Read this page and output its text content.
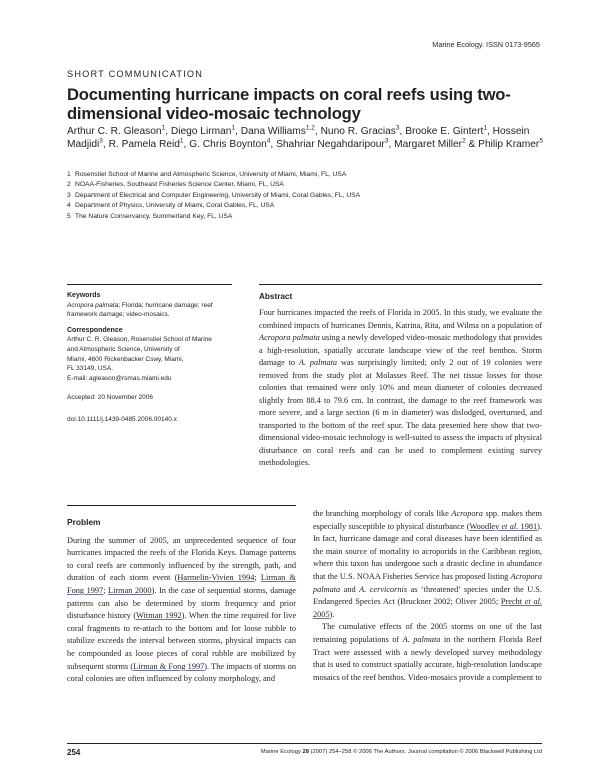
Marine Ecology. ISSN 0173-9565
SHORT COMMUNICATION
Documenting hurricane impacts on coral reefs using two-dimensional video-mosaic technology
Arthur C. R. Gleason$^1$, Diego Lirman$^1$, Dana Williams$^{1,2}$, Nuno R. Gracias$^3$, Brooke E. Gintert$^1$, Hossein Madjidi$^3$, R. Pamela Reid$^1$, G. Chris Boynton$^4$, Shahriar Negahdaripour$^3$, Margaret Miller$^2$ & Philip Kramer$^5$
1 Rosenstiel School of Marine and Atmospheric Science, University of Miami, Miami, FL, USA
2 NOAA-Fisheries, Southeast Fisheries Science Center, Miami, FL, USA
3 Department of Electrical and Computer Engineering, University of Miami, Coral Gables, FL, USA
4 Department of Physics, University of Miami, Coral Gables, FL, USA
5 The Nature Conservancy, Summerland Key, FL, USA
Keywords
Acropora palmata; Florida; hurricane damage; reef framework damage; video-mosaics.
Correspondence
Arthur C. R. Gleason, Rosenstiel School of Marine
and Atmospheric Science, University of
Miami, 4600 Rickenbacker Cswy, Miami,
FL 33149, USA.
E-mail: agleason@rsmas.miami.edu
Accepted: 20 November 2006
doi:10.1111/j.1439-0485.2006.00140.x
Abstract
Four hurricanes impacted the reefs of Florida in 2005. In this study, we evaluate the combined impacts of hurricanes Dennis, Katrina, Rita, and Wilma on a population of Acropora palmata using a newly developed video-mosaic methodology that provides a high-resolution, spatially accurate landscape view of the reef benthos. Storm damage to A. palmata was surprisingly limited; only 2 out of 19 colonies were removed from the study plot at Molasses Reef. The net tissue losses for those colonies that remained were only 10% and mean diameter of colonies decreased slightly from 88.4 to 79.6 cm. In contrast, the damage to the reef framework was more severe, and a large section (6 m in diameter) was dislodged, overturned, and transported to the bottom of the reef spur. The data presented here show that two-dimensional video-mosaic technology is well-suited to assess the impacts of physical disturbance on coral reefs and can be used to complement existing survey methodologies.
Problem
During the summer of 2005, an unprecedented sequence of four hurricanes impacted the reefs of the Florida Keys. Damage patterns to coral reefs are commonly influenced by the strength, path, and duration of each storm event (Harmelin-Vivien 1994; Lirman & Fong 1997; Lirman 2000). In the case of sequential storms, damage patterns can also be determined by storm frequency and prior disturbance history (Witman 1992). When the time required for live coral fragments to re-attach to the bottom and for loose rubble to stabilize exceeds the interval between storms, physical impacts can be compounded as loose pieces of coral rubble are mobilized by subsequent storms (Lirman & Fong 1997). The impacts of storms on coral colonies are often influenced by colony morphology, and
the branching morphology of corals like Acropora spp. makes them especially susceptible to physical disturbance (Woodley et al. 1981). In fact, hurricane damage and coral diseases have been identified as the main source of mortality to acroporids in the Caribbean region, where this taxon has undergone such a drastic decline in abundance that the U.S. NOAA Fisheries Service has proposed listing Acropora palmata and A. cervicornis as ‘threatened’ species under the U.S. Endangered Species Act (Bruckner 2002; Oliver 2005; Precht et al. 2005).
The cumulative effects of the 2005 storms on one of the last remaining populations of A. palmata in the northern Florida Reef Tract were assessed with a newly developed survey methodology that is used to construct spatially accurate, high-resolution landscape mosaics of the reef benthos. Video-mosaics provide a complement to
254	Marine Ecology 28 (2007) 254–258 © 2006 The Authors. Journal compilation © 2006 Blackwell Publishing Ltd
